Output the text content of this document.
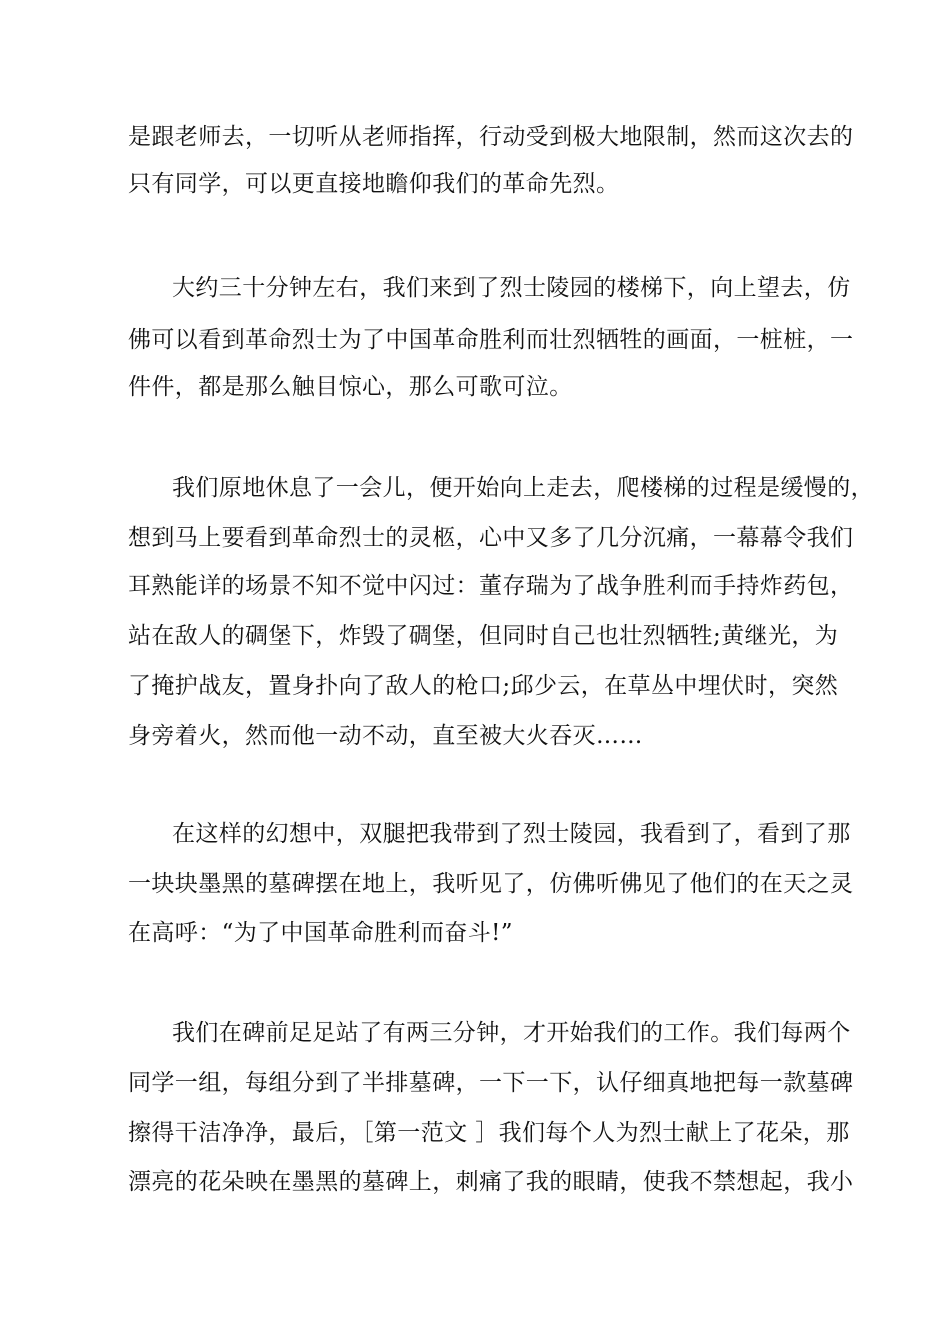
是跟老师去，一切听从老师指挥，行动受到极大地限制，然而这次去的

只有同学，可以更直接地瞻仰我们的革命先烈。

大约三十分钟左右，我们来到了烈士陵园的楼梯下，向上望去，仿

佛可以看到革命烈士为了中国革命胜利而壮烈牺牲的画面，一桩桩，一

件件，都是那么触目惊心，那么可歌可泣。

我们原地休息了一会儿，便开始向上走去，爬楼梯的过程是缓慢的，

想到马上要看到革命烈士的灵柩，心中又多了几分沉痛，一幕幕令我们

耳熟能详的场景不知不觉中闪过：董存瑞为了战争胜利而手持炸药包，

站在敌人的碉堡下，炸毁了碉堡，但同时自己也壮烈牺牲;黄继光，为

了掩护战友，置身扑向了敌人的枪口;邱少云，在草丛中埋伏时，突然

身旁着火，然而他一动不动，直至被大火吞灭……

在这样的幻想中，双腿把我带到了烈士陵园，我看到了，看到了那

一块块墨黑的墓碑摆在地上，我听见了，仿佛听佛见了他们的在天之灵

在高呼：“为了中国革命胜利而奋斗!”

我们在碑前足足站了有两三分钟，才开始我们的工作。我们每两个

同学一组，每组分到了半排墓碑，一下一下，认仔细真地把每一款墓碑

擦得干洁净净，最后，［第一范文 ］我们每个人为烈士献上了花朵，那

漂亮的花朵映在墨黑的墓碑上，刺痛了我的眼睛，使我不禁想起，我小
